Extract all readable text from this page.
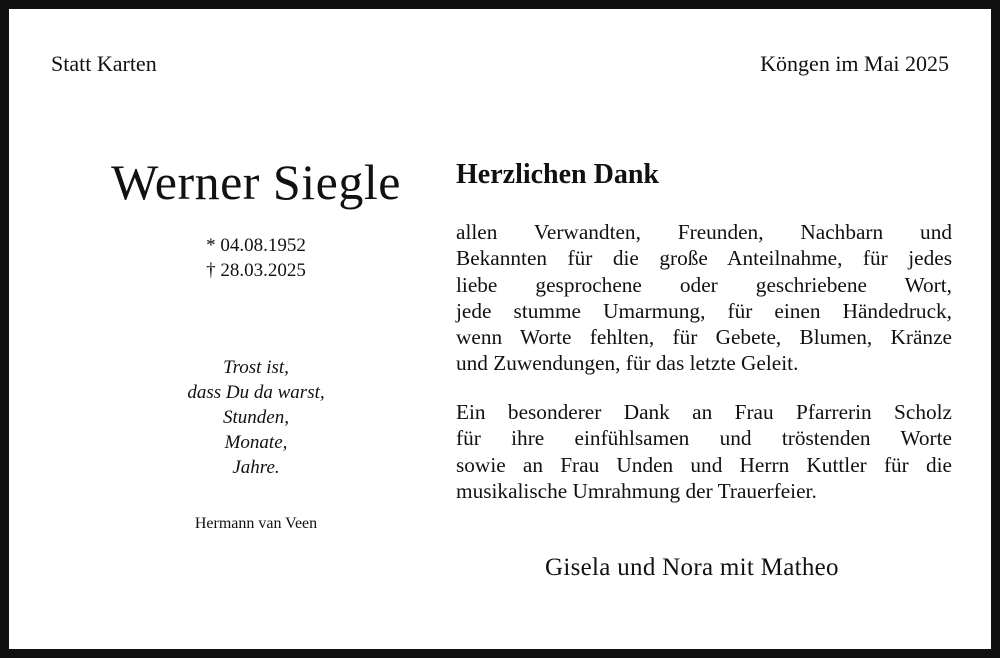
Statt Karten	Köngen im Mai 2025
Werner Siegle
* 04.08.1952
† 28.03.2025
Trost ist,
dass Du da warst,
Stunden,
Monate,
Jahre.
Hermann van Veen
Herzlichen Dank
allen Verwandten, Freunden, Nachbarn und
Bekannten für die große Anteilnahme, für jedes
liebe gesprochene oder geschriebene Wort,
jede stumme Umarmung, für einen Händedruck,
wenn Worte fehlten, für Gebete, Blumen, Kränze
und Zuwendungen, für das letzte Geleit.
Ein besonderer Dank an Frau Pfarrerin Scholz
für ihre einfühlsamen und tröstenden Worte
sowie an Frau Unden und Herrn Kuttler für die
musikalische Umrahmung der Trauerfeier.
Gisela und Nora mit Matheo
